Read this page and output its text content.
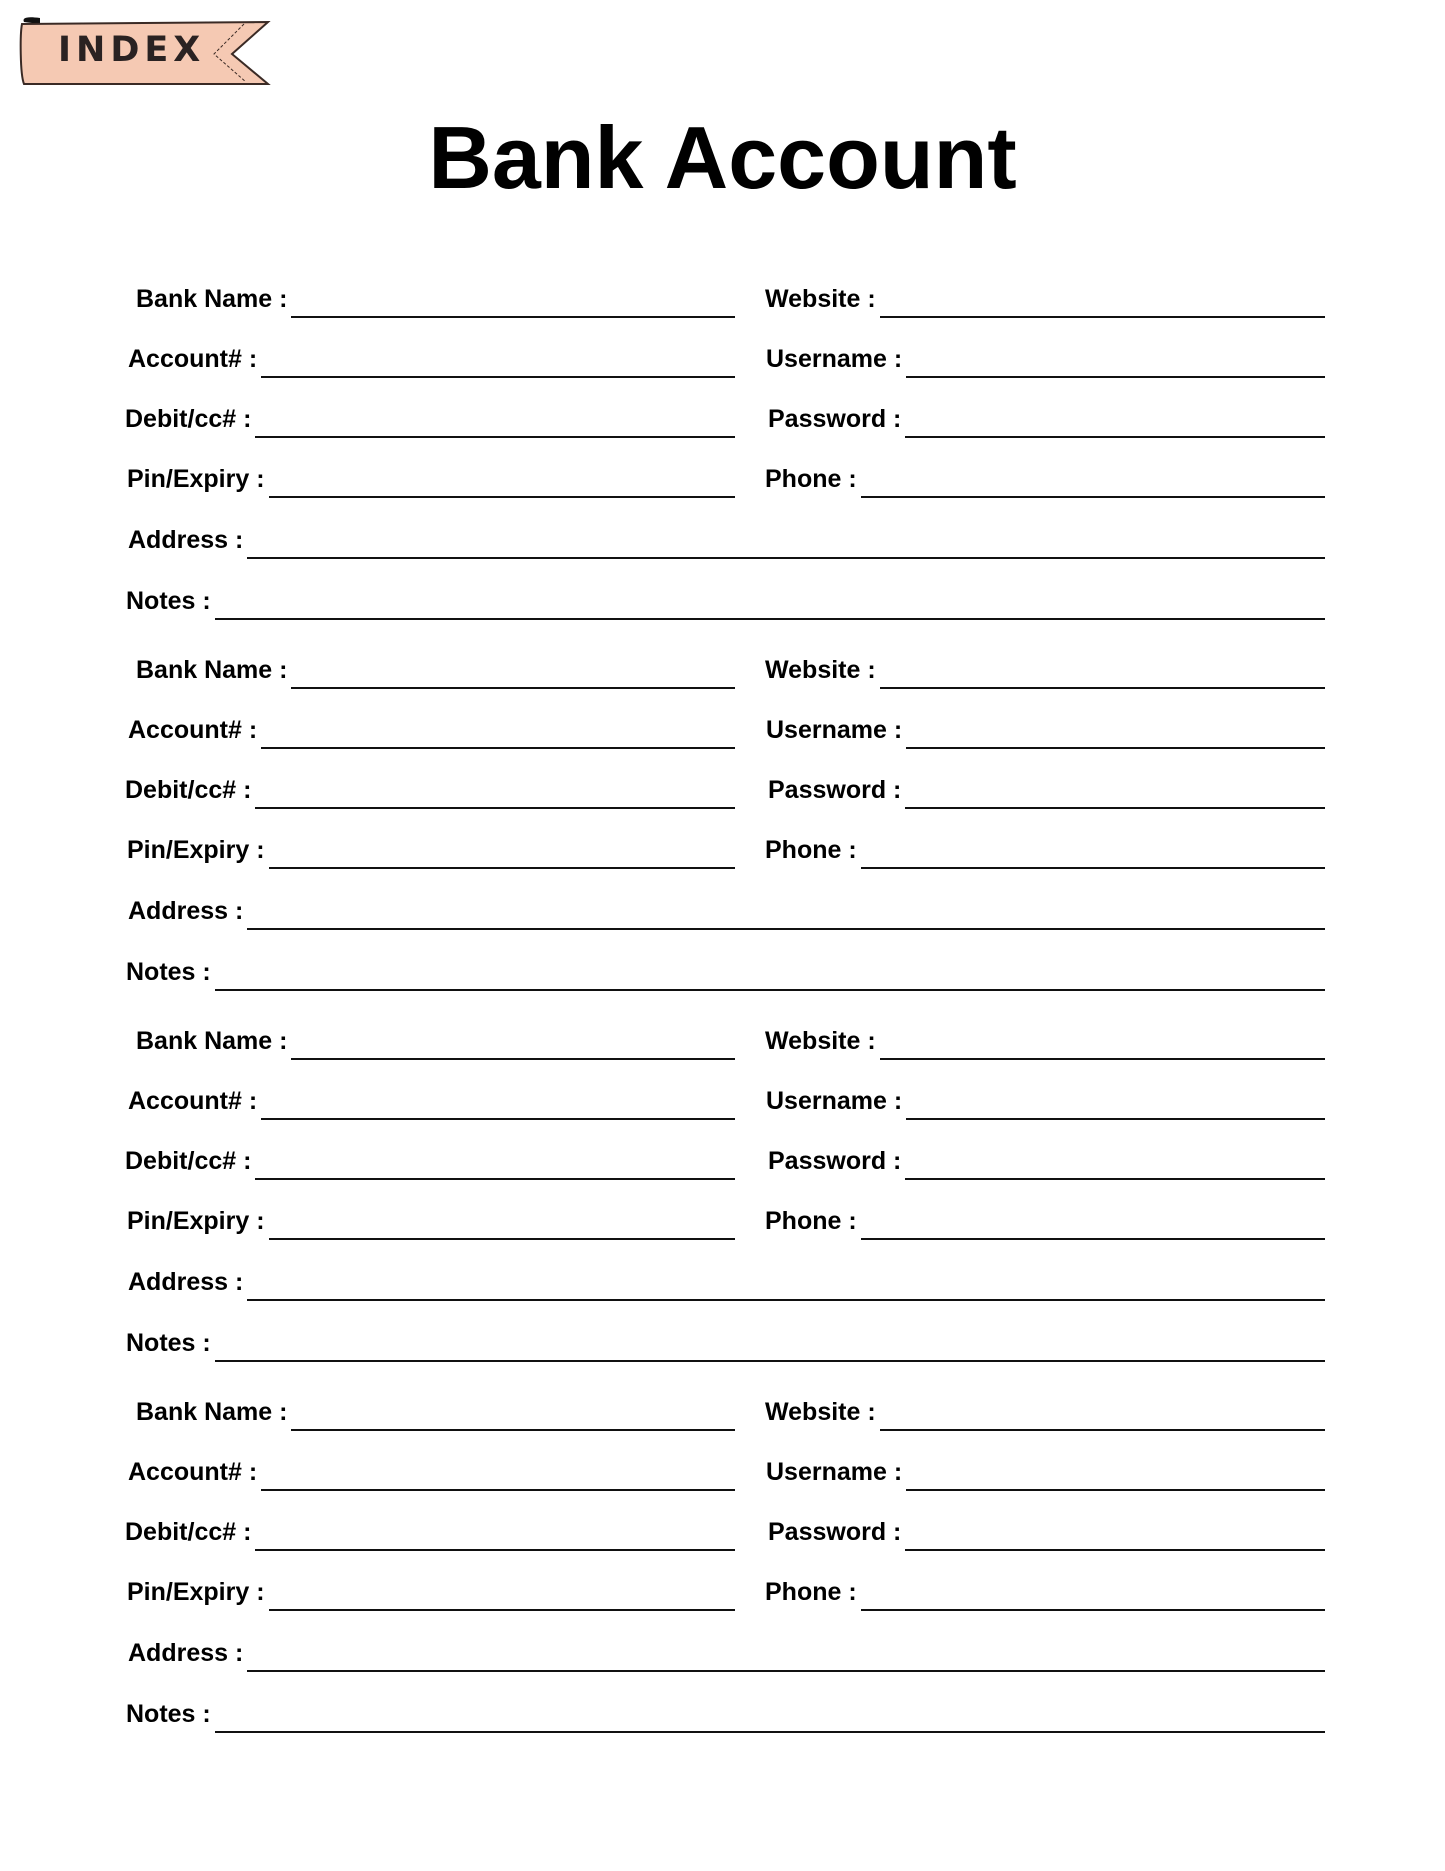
INDEX
Bank Account
Bank Name :	Website :
Account# :	Username :
Debit/cc# :	Password :
Pin/Expiry :	Phone :
Address :
Notes :
Bank Name :	Website :
Account# :	Username :
Debit/cc# :	Password :
Pin/Expiry :	Phone :
Address :
Notes :
Bank Name :	Website :
Account# :	Username :
Debit/cc# :	Password :
Pin/Expiry :	Phone :
Address :
Notes :
Bank Name :	Website :
Account# :	Username :
Debit/cc# :	Password :
Pin/Expiry :	Phone :
Address :
Notes :
